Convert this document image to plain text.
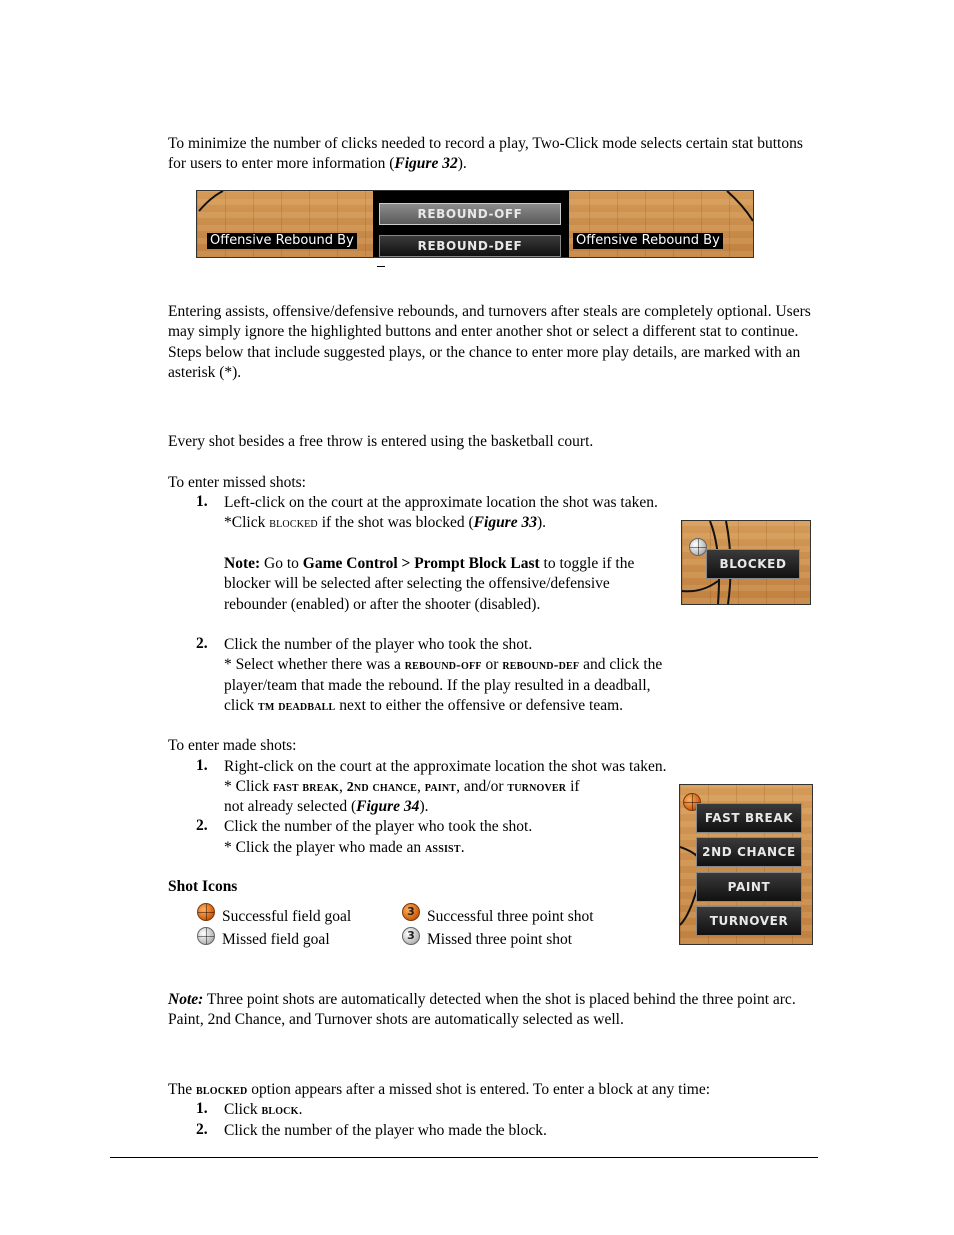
To minimize the number of clicks needed to record a play, Two-Click mode selects certain stat buttons for users to enter more information (Figure 32).
Offensive Rebound By
REBOUND-OFF
REBOUND-DEF	Offensive Rebound By
Entering assists, offensive/defensive rebounds, and turnovers after steals are completely optional. Users may simply ignore the highlighted buttons and enter another shot or select a different stat to continue. Steps below that include suggested plays, or the chance to enter more play details, are marked with an asterisk (*).
Every shot besides a free throw is entered using the basketball court.
To enter missed shots:
1. Left-click on the court at the approximate location the shot was taken.
*Click blocked if the shot was blocked (Figure 33).
Note: Go to Game Control > Prompt Block Last to toggle if the
blocker will be selected after selecting the offensive/defensive
rebounder (enabled) or after the shooter (disabled).
BLOCKED
2. Click the number of the player who took the shot.
* Select whether there was a rebound-off or rebound-def and click the
player/team that made the rebound. If the play resulted in a deadball,
click tm deadball next to either the offensive or defensive team.
To enter made shots:
1. Right-click on the court at the approximate location the shot was taken.
* Click fast break, 2nd chance, paint, and/or turnover if
not already selected (Figure 34).
2. Click the number of the player who took the shot.
* Click the player who made an assist.
FAST BREAK
2ND CHANCE
PAINT
TURNOVER
Shot Icons
Successful field goal
Missed field goal
3 Successful three point shot
3 Missed three point shot
Note: Three point shots are automatically detected when the shot is placed behind the three point arc. Paint, 2nd Chance, and Turnover shots are automatically selected as well.
The blocked option appears after a missed shot is entered. To enter a block at any time:
1. Click block.
2. Click the number of the player who made the block.
